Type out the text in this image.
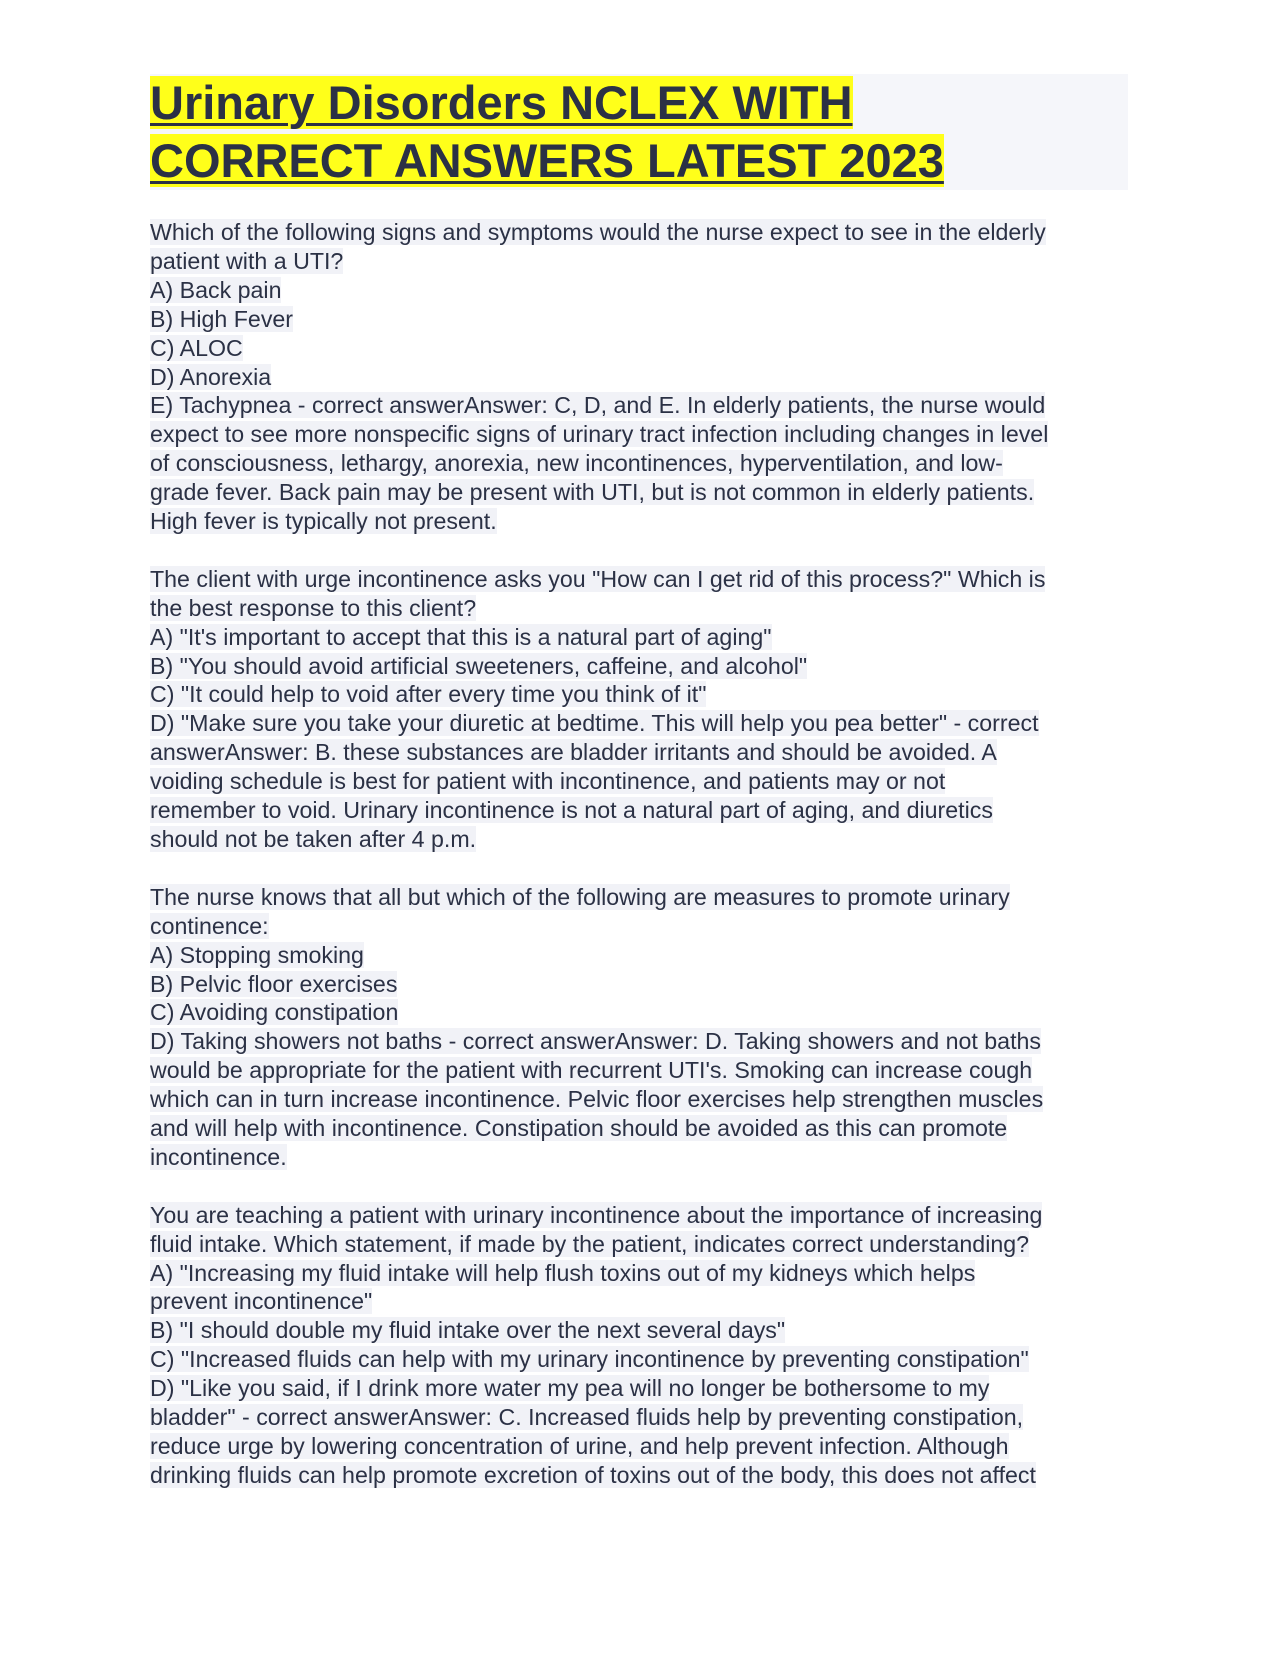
Urinary Disorders NCLEX WITH
CORRECT ANSWERS LATEST 2023
Which of the following signs and symptoms would the nurse expect to see in the elderly
patient with a UTI?
A) Back pain
B) High Fever
C) ALOC
D) Anorexia
E) Tachypnea - correct answerAnswer: C, D, and E. In elderly patients, the nurse would
expect to see more nonspecific signs of urinary tract infection including changes in level
of consciousness, lethargy, anorexia, new incontinences, hyperventilation, and low-
grade fever. Back pain may be present with UTI, but is not common in elderly patients.
High fever is typically not present.
The client with urge incontinence asks you "How can I get rid of this process?" Which is
the best response to this client?
A) "It's important to accept that this is a natural part of aging"
B) "You should avoid artificial sweeteners, caffeine, and alcohol"
C) "It could help to void after every time you think of it"
D) "Make sure you take your diuretic at bedtime. This will help you pea better" - correct
answerAnswer: B. these substances are bladder irritants and should be avoided. A
voiding schedule is best for patient with incontinence, and patients may or not
remember to void. Urinary incontinence is not a natural part of aging, and diuretics
should not be taken after 4 p.m.
The nurse knows that all but which of the following are measures to promote urinary
continence:
A) Stopping smoking
B) Pelvic floor exercises
C) Avoiding constipation
D) Taking showers not baths - correct answerAnswer: D. Taking showers and not baths
would be appropriate for the patient with recurrent UTI's. Smoking can increase cough
which can in turn increase incontinence. Pelvic floor exercises help strengthen muscles
and will help with incontinence. Constipation should be avoided as this can promote
incontinence.
You are teaching a patient with urinary incontinence about the importance of increasing
fluid intake. Which statement, if made by the patient, indicates correct understanding?
A) "Increasing my fluid intake will help flush toxins out of my kidneys which helps
prevent incontinence"
B) "I should double my fluid intake over the next several days"
C) "Increased fluids can help with my urinary incontinence by preventing constipation"
D) "Like you said, if I drink more water my pea will no longer be bothersome to my
bladder" - correct answerAnswer: C. Increased fluids help by preventing constipation,
reduce urge by lowering concentration of urine, and help prevent infection. Although
drinking fluids can help promote excretion of toxins out of the body, this does not affect
